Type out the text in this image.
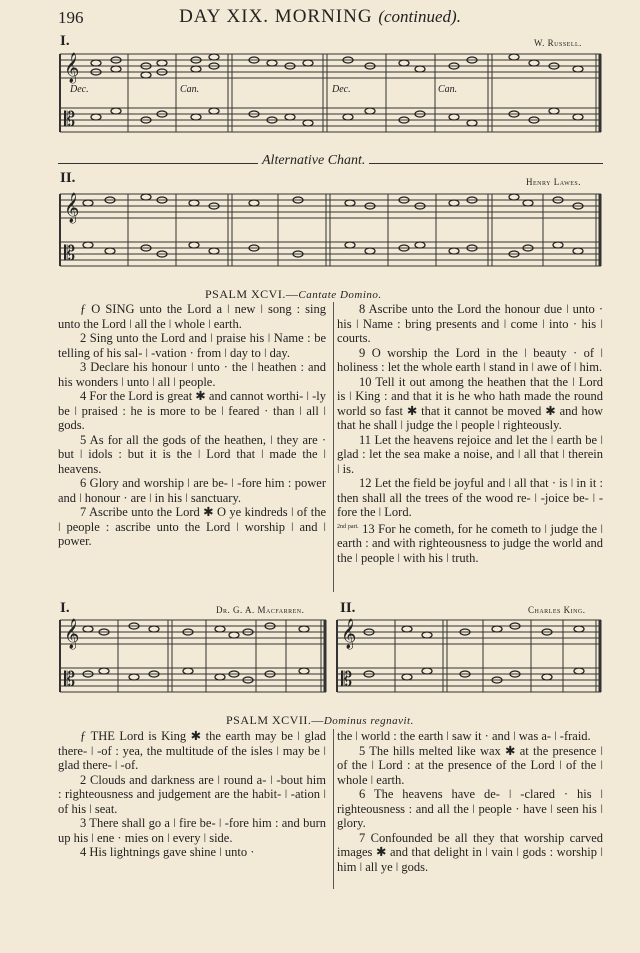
196	DAY XIX. MORNING (continued).
I.	W. Russell.
𝄞
𝄡
Dec.	Can.	Dec.	Can.
Alternative Chant.
II.	Henry Lawes.
𝄞
𝄡
PSALM XCVI.—Cantate Domino.

ƒ O SING unto the Lord a ǀ new ǀ song : sing unto the Lord ǀ all the ǀ whole ǀ earth.

2 Sing unto the Lord and ǀ praise his ǀ Name : be telling of his sal- ǀ -vation · from ǀ day to ǀ day.

3 Declare his honour ǀ unto · the ǀ heathen : and his wonders ǀ unto ǀ all ǀ people.

4 For the Lord is great ✱ and cannot worthi- ǀ -ly be ǀ praised : he is more to be ǀ feared · than ǀ all ǀ gods.

5 As for all the gods of the heathen, ǀ they are · but ǀ idols : but it is the ǀ Lord that ǀ made the ǀ heavens.

6 Glory and worship ǀ are be- ǀ -fore him : power and ǀ honour · are ǀ in his ǀ sanctuary.

7 Ascribe unto the Lord ✱ O ye kindreds ǀ of the ǀ people : ascribe unto the Lord ǀ worship ǀ and ǀ power.

8 Ascribe unto the Lord the honour due ǀ unto · his ǀ Name : bring presents and ǀ come ǀ into · his ǀ courts.

9 O worship the Lord in the ǀ beauty · of ǀ holiness : let the whole earth ǀ stand in ǀ awe of ǀ him.

10 Tell it out among the heathen that the ǀ Lord is ǀ King : and that it is he who hath made the round world so fast ✱ that it cannot be moved ✱ and how that he shall ǀ judge the ǀ people ǀ righteously.

11 Let the heavens rejoice and let the ǀ earth be ǀ glad : let the sea make a noise, and ǀ all that ǀ therein ǀ is.

12 Let the field be joyful and ǀ all that · is ǀ in it : then shall all the trees of the wood re- ǀ -joice be- ǀ -fore the ǀ Lord.

$^{2nd part.}$ 13 For he cometh, for he cometh to ǀ judge the ǀ earth : and with righteousness to judge the world and the ǀ people ǀ with his ǀ truth.

I.	Dr. G. A. Macfarren.
𝄞
𝄡
II.	Charles King.
𝄞
𝄡
PSALM XCVII.—Dominus regnavit.

ƒ THE Lord is King ✱ the earth may be ǀ glad there- ǀ -of : yea, the multitude of the isles ǀ may be ǀ glad there- ǀ -of.

2 Clouds and darkness are ǀ round a- ǀ -bout him : righteousness and judgement are the habit- ǀ -ation ǀ of his ǀ seat.

3 There shall go a ǀ fire be- ǀ -fore him : and burn up his ǀ ene · mies on ǀ every ǀ side.

4 His lightnings gave shine ǀ unto ·

the ǀ world : the earth ǀ saw it · and ǀ was a- ǀ -fraid.

5 The hills melted like wax ✱ at the presence ǀ of the ǀ Lord : at the presence of the Lord ǀ of the ǀ whole ǀ earth.

6 The heavens have de- ǀ -clared · his ǀ righteousness : and all the ǀ people · have ǀ seen his ǀ glory.

7 Confounded be all they that worship carved images ✱ and that delight in ǀ vain ǀ gods : worship ǀ him ǀ all ye ǀ gods.
